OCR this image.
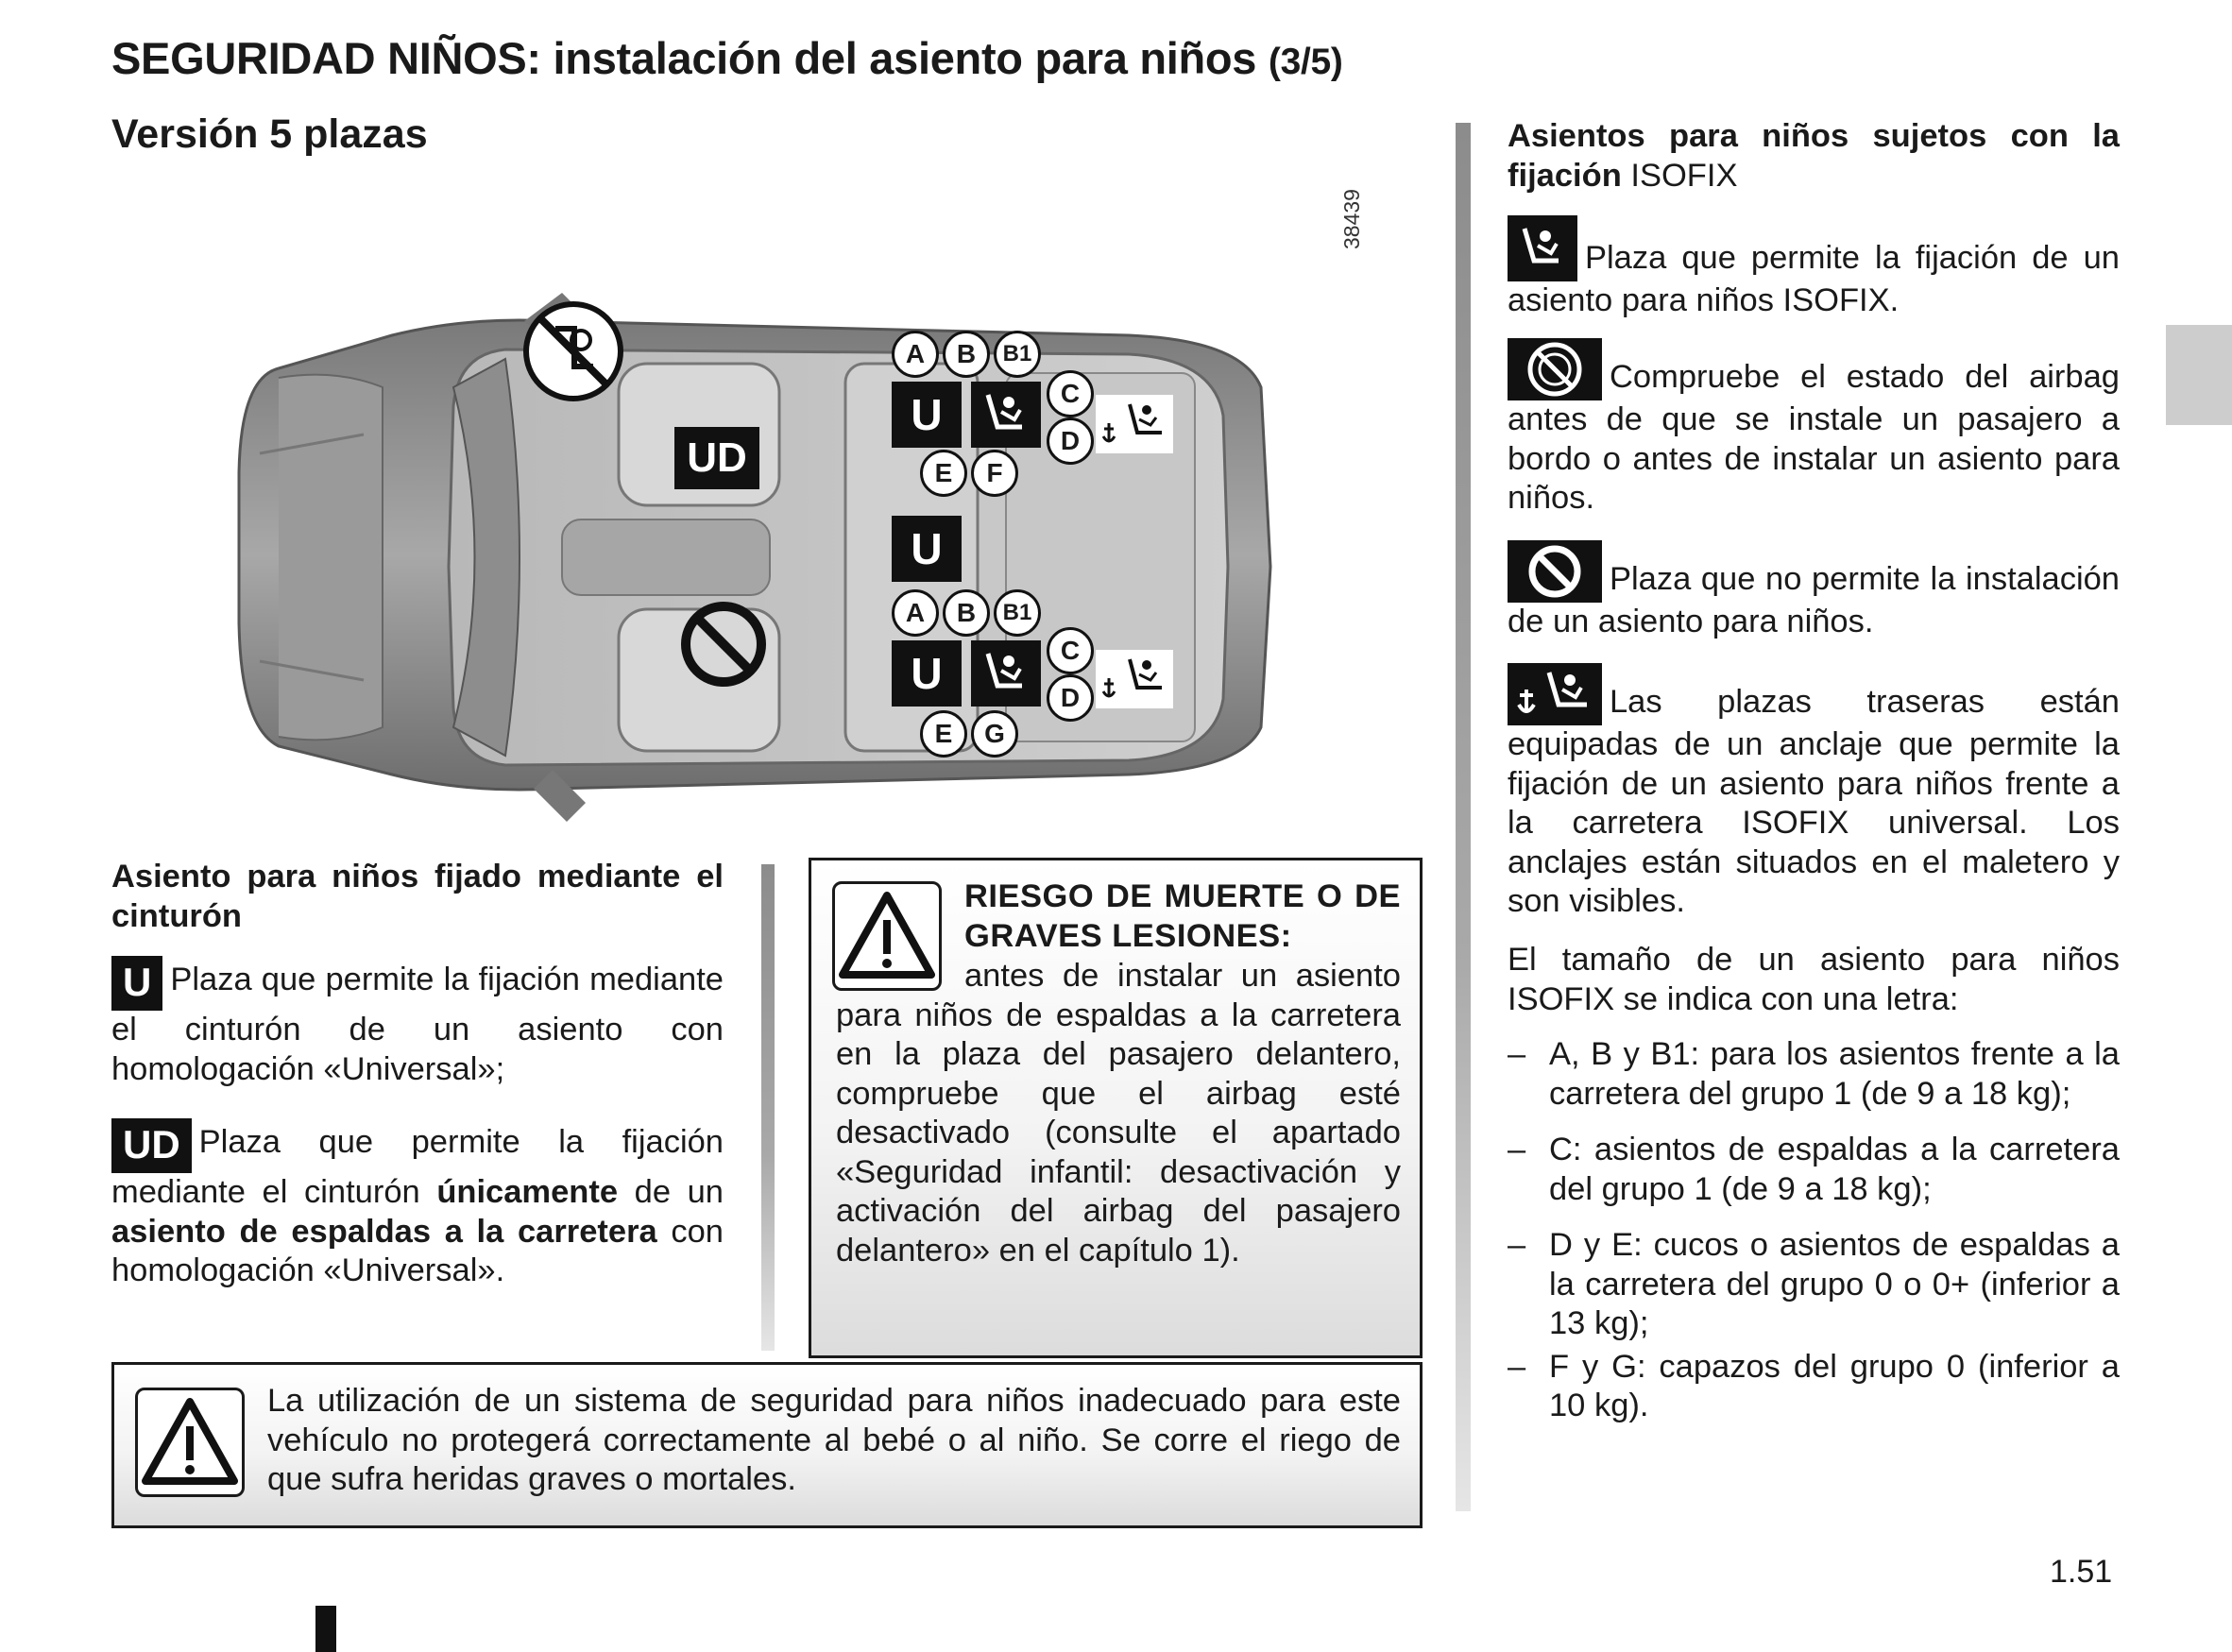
SEGURIDAD NIÑOS: instalación del asiento para niños (3/5)
Versión 5 plazas
38439
UD
A	B	B1
U	C
D
E	F
U
A	B	B1
U	C
D
E	G
Asiento para niños fijado mediante el cinturón
U Plaza que permite la fijación mediante el cinturón de un asiento con homologación «Universal»;
UD Plaza que permite la fijación mediante el cinturón únicamente de un asiento de espaldas a la carretera con homologación «Universal».
RIESGO DE MUERTE O DE GRAVES LESIONES:
antes de instalar un asiento para niños de espaldas a la carretera en la plaza del pasajero delantero, compruebe que el airbag esté desactivado (consulte el apartado «Seguridad infantil: desactivación y activación del airbag del pasajero delantero» en el capítulo 1).
La utilización de un sistema de seguridad para niños inadecuado para este vehículo no protegerá correctamente al bebé o al niño. Se corre el riego de que sufra heridas graves o mortales.
Asientos para niños sujetos con la fijación ISOFIX
Plaza que permite la fijación de un asiento para niños ISOFIX.
Compruebe el estado del airbag antes de que se instale un pasajero a bordo o antes de instalar un asiento para niños.
Plaza que no permite la instalación de un asiento para niños.
Las plazas traseras están equipadas de un anclaje que permite la fijación de un asiento para niños frente a la carretera ISOFIX universal. Los anclajes están situados en el maletero y son visibles.
El tamaño de un asiento para niños ISOFIX se indica con una letra:
– A, B y B1: para los asientos frente a la carretera del grupo 1 (de 9 a 18 kg);
– C: asientos de espaldas a la carretera del grupo 1 (de 9 a 18 kg);
– D y E: cucos o asientos de espaldas a la carretera del grupo 0 o 0+ (inferior a 13 kg);
– F y G: capazos del grupo 0 (inferior a 10 kg).
1.51
